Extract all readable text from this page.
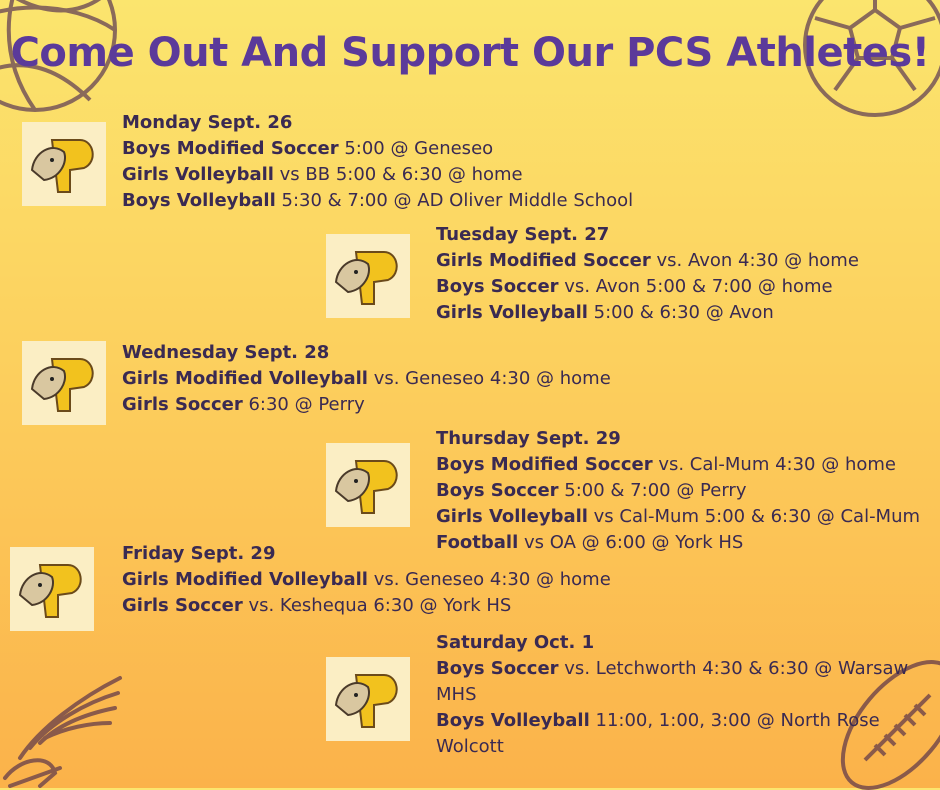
Come Out And Support Our PCS Athletes!
Monday Sept. 26
Boys Modified Soccer 5:00 @ Geneseo
Girls Volleyball vs BB 5:00 & 6:30 @ home
Boys Volleyball 5:30 & 7:00 @ AD Oliver Middle School
Tuesday Sept. 27
Girls Modified Soccer vs. Avon 4:30 @ home
Boys Soccer vs. Avon 5:00 & 7:00 @ home
Girls Volleyball 5:00 & 6:30 @ Avon
Wednesday Sept. 28
Girls Modified Volleyball vs. Geneseo 4:30 @ home
Girls Soccer 6:30 @ Perry
Thursday Sept. 29
Boys Modified Soccer vs. Cal-Mum 4:30 @ home
Boys Soccer 5:00 & 7:00 @ Perry
Girls Volleyball vs Cal-Mum 5:00 & 6:30 @ Cal-Mum
Football vs OA @ 6:00 @ York HS
Friday Sept. 29
Girls Modified Volleyball vs. Geneseo 4:30 @ home
Girls Soccer vs. Keshequa 6:30 @ York HS
Saturday Oct. 1
Boys Soccer vs. Letchworth 4:30 & 6:30 @ Warsaw
MHS
Boys Volleyball 11:00, 1:00, 3:00 @ North Rose
Wolcott
